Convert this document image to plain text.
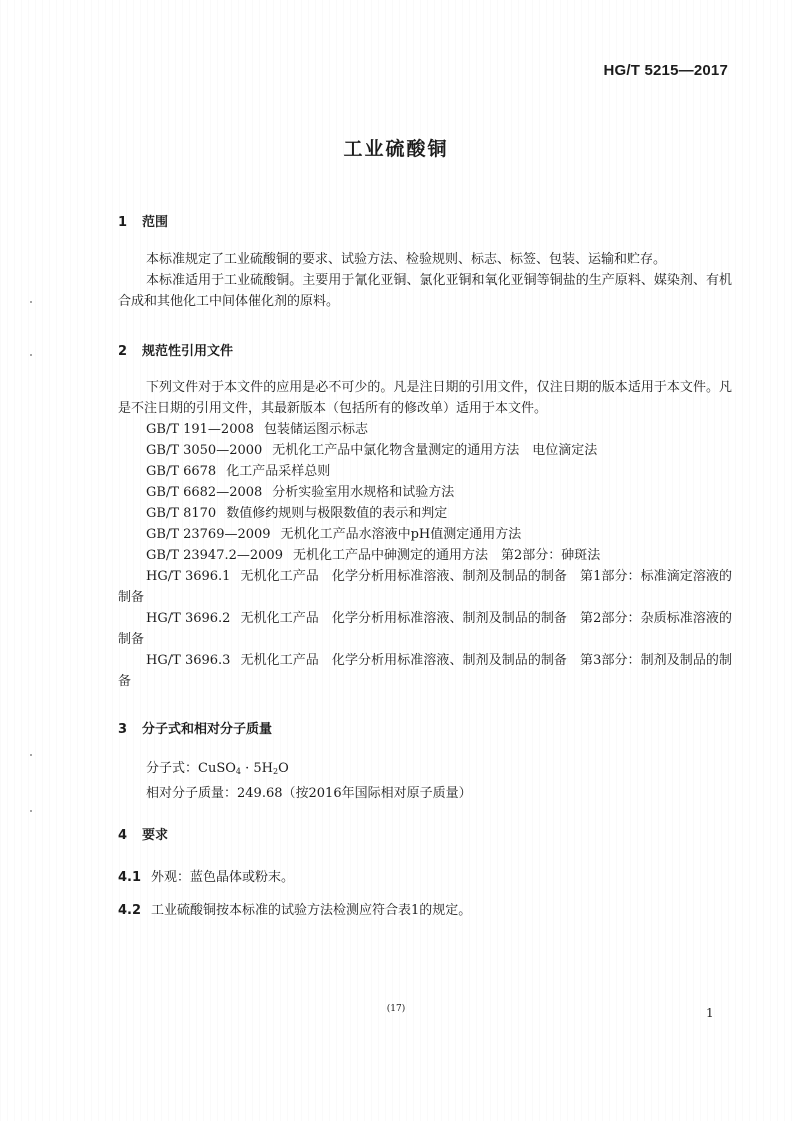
HG/T 5215—2017
工业硫酸铜
1 范围

本标准规定了工业硫酸铜的要求、试验方法、检验规则、标志、标签、包装、运输和贮存。

本标准适用于工业硫酸铜。主要用于氰化亚铜、氯化亚铜和氧化亚铜等铜盐的生产原料、媒染剂、有机合成和其他化工中间体催化剂的原料。

2 规范性引用文件

下列文件对于本文件的应用是必不可少的。凡是注日期的引用文件，仅注日期的版本适用于本文件。凡是不注日期的引用文件，其最新版本（包括所有的修改单）适用于本文件。

GB/T 191—2008 包装储运图示标志

GB/T 3050—2000 无机化工产品中氯化物含量测定的通用方法　电位滴定法

GB/T 6678 化工产品采样总则

GB/T 6682—2008 分析实验室用水规格和试验方法

GB/T 8170 数值修约规则与极限数值的表示和判定

GB/T 23769—2009 无机化工产品水溶液中pH值测定通用方法

GB/T 23947.2—2009 无机化工产品中砷测定的通用方法　第2部分：砷斑法

HG/T 3696.1 无机化工产品　化学分析用标准溶液、制剂及制品的制备　第1部分：标准滴定溶液的制备

HG/T 3696.2 无机化工产品　化学分析用标准溶液、制剂及制品的制备　第2部分：杂质标准溶液的制备

HG/T 3696.3 无机化工产品　化学分析用标准溶液、制剂及制品的制备　第3部分：制剂及制品的制备

3 分子式和相对分子质量
分子式：CuSO$_4$ · $5H_2O$
相对分子质量：249.68（按2016年国际相对原子质量）
4 要求
4.1 外观：蓝色晶体或粉末。
4.2 工业硫酸铜按本标准的试验方法检测应符合表1的规定。
(17)	1
